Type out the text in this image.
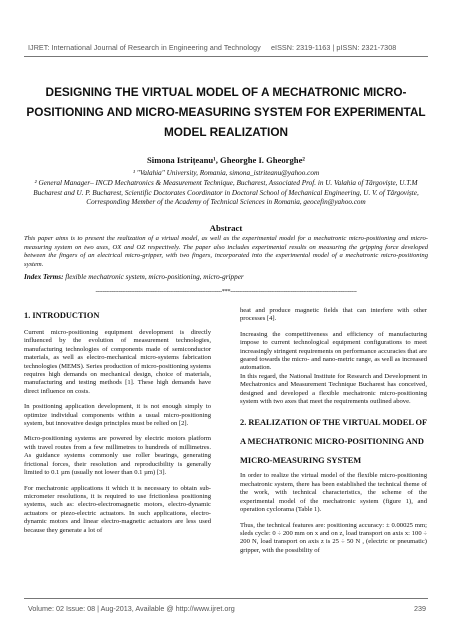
IJRET: International Journal of Research in Engineering and Technology eISSN: 2319-1163 | pISSN: 2321-7308
DESIGNING THE VIRTUAL MODEL OF A MECHATRONIC MICRO-POSITIONING AND MICRO-MEASURING SYSTEM FOR EXPERIMENTAL MODEL REALIZATION
Simona Istrițeanu¹, Gheorghe I. Gheorghe²
¹ "Valahia" University, Romania, simona_istriteanu@yahoo.com
² General Manager– INCD Mechatronics & Measurement Technique, Bucharest, Associated Prof. in U. Valahia of Târgoviște, U.T.M Bucharest and U. P. Bucharest, Scientific Doctorates Coordinator in Doctoral School of Mechanical Engineering, U. V. of Târgoviște, Corresponding Member of the Academy of Technical Sciences in Romania, geocefin@yahoo.com
Abstract
This paper aims is to present the realization of a virtual model, as well as the experimental model for a mechatronic micro-positioning and micro-measuring system on two axes, OX and OZ respectively. The paper also includes experimental results on measuring the gripping force developed between the fingers of an electrical micro-gripper, with two fingers, incorporated into the experimental model of a mechatronic micro-positioning system.
Index Terms: flexible mechatronic system, micro-positioning, micro-gripper
-----------------------------------------------------------------------***-----------------------------------------------------------------------
1. INTRODUCTION

Current micro-positioning equipment development is directly influenced by the evolution of measurement technologies, manufacturing technologies of components made of semiconductor materials, as well as electro-mechanical micro-systems fabrication technologies (MEMS). Series production of micro-positioning systems requires high demands on mechanical design, choice of materials, manufacturing and testing methods [1]. These high demands have direct influence on costs.

In positioning application development, it is not enough simply to optimize individual components within a usual micro-positioning system, but innovative design principles must be relied on [2].

Micro-positioning systems are powered by electric motors platform with travel routes from a few millimetres to hundreds of millimetres. As guidance systems commonly use roller bearings, generating frictional forces, their resolution and reproducibility is generally limited to 0.1 µm (usually not lower than 0.1 µm) [3].

For mechatronic applications it which it is necessary to obtain sub-micrometer resolutions, it is required to use frictionless positioning systems, such as: electro-electromagnetic motors, electro-dynamic actuators or piezo-electric actuators. In such applications, electro-dynamic motors and linear electro-magnetic actuators are less used because they generate a lot of

heat and produce magnetic fields that can interfere with other processes [4].

Increasing the competitiveness and efficiency of manufacturing impose to current technological equipment configurations to meet increasingly stringent requirements on performance accuracies that are geared towards the micro- and nano-metric range, as well as increased automation.

In this regard, the National Institute for Research and Development in Mechatronics and Measurement Technique Bucharest has conceived, designed and developed a flexible mechatronic micro-positioning system with two axes that meet the requirements outlined above.

2. REALIZATION OF THE VIRTUAL MODEL OF A MECHATRONIC MICRO-POSITIONING AND MICRO-MEASURING SYSTEM

In order to realize the virtual model of the flexible micro-positioning mechatronic system, there has been established the technical theme of the work, with technical characteristics, the scheme of the experimental model of the mechatronic system (figure 1), and operation cyclorama (Table 1).

Thus, the technical features are: positioning accuracy: ± 0.00025 mm; sleds cycle: 0 ÷ 200 mm on x and on z, load transport on axis x: 100 ÷ 200 N, load transport on axis z is 25 ÷ 50 N , (electric or pneumatic) gripper, with the possibility of

Volume: 02 Issue: 08 | Aug-2013, Available @ http://www.ijret.org	239
